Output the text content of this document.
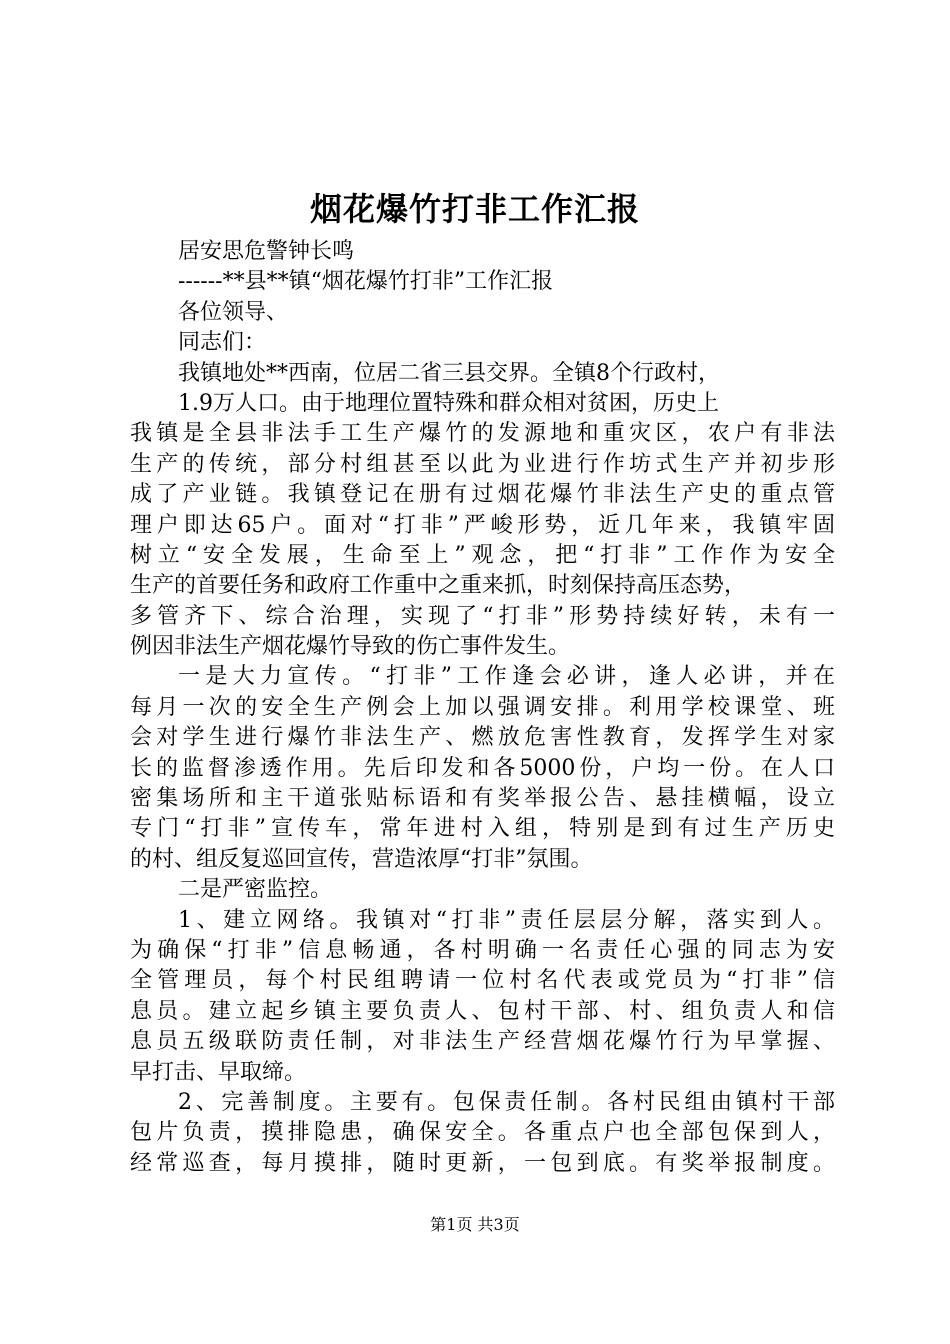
烟花爆竹打非工作汇报
居安思危警钟长鸣
------**县**镇“烟花爆竹打非”工作汇报
各位领导、
同志们：
我镇地处**西南，位居二省三县交界。全镇8个行政村，
1.9万人口。由于地理位置特殊和群众相对贫困，历史上
我镇是全县非法手工生产爆竹的发源地和重灾区，农户有非法
生产的传统，部分村组甚至以此为业进行作坊式生产并初步形
成了产业链。我镇登记在册有过烟花爆竹非法生产史的重点管
理户即达65户。面对“打非”严峻形势，近几年来，我镇牢固
树立“安全发展，生命至上”观念，把“打非”工作作为安全
生产的首要任务和政府工作重中之重来抓，时刻保持高压态势，
多管齐下、综合治理，实现了“打非”形势持续好转，未有一
例因非法生产烟花爆竹导致的伤亡事件发生。
一是大力宣传。“打非”工作逢会必讲，逢人必讲，并在
每月一次的安全生产例会上加以强调安排。利用学校课堂、班
会对学生进行爆竹非法生产、燃放危害性教育，发挥学生对家
长的监督渗透作用。先后印发和各5000份，户均一份。在人口
密集场所和主干道张贴标语和有奖举报公告、悬挂横幅，设立
专门“打非”宣传车，常年进村入组，特别是到有过生产历史
的村、组反复巡回宣传，营造浓厚“打非”氛围。
二是严密监控。
1、建立网络。我镇对“打非”责任层层分解，落实到人。
为确保“打非”信息畅通，各村明确一名责任心强的同志为安
全管理员，每个村民组聘请一位村名代表或党员为“打非”信
息员。建立起乡镇主要负责人、包村干部、村、组负责人和信
息员五级联防责任制，对非法生产经营烟花爆竹行为早掌握、
早打击、早取缔。
2、完善制度。主要有。包保责任制。各村民组由镇村干部
包片负责，摸排隐患，确保安全。各重点户也全部包保到人，
经常巡查，每月摸排，随时更新，一包到底。有奖举报制度。
第1页 共3页
